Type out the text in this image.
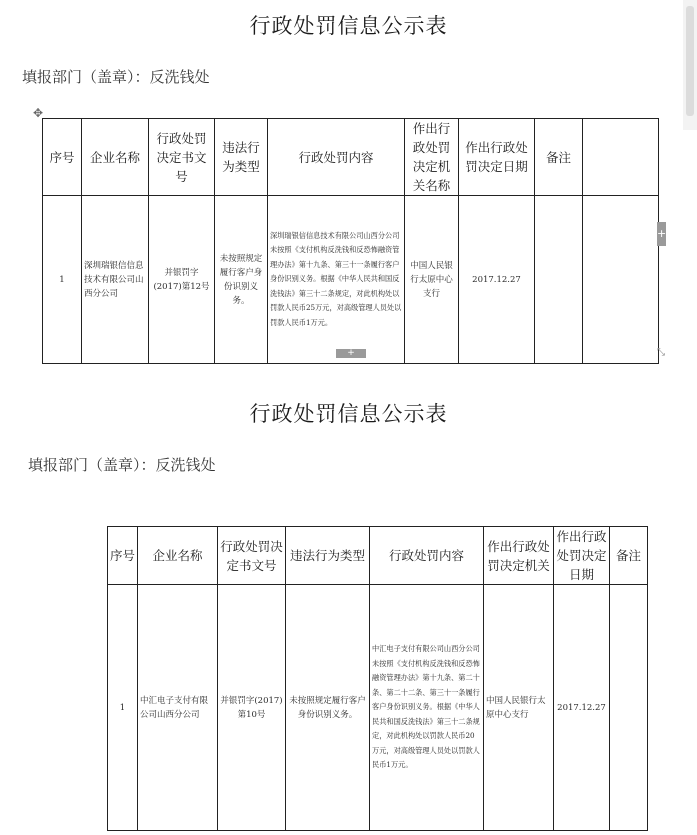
行政处罚信息公示表
填报部门（盖章）：反洗钱处
✥
序号	企业名称	行政处罚决定书文号	违法行为类型	行政处罚内容	作出行政处罚决定机关名称	作出行政处罚决定日期	备注	
1	深圳瑞银信信息技术有限公司山西分公司	并银罚字(2017)第12号	未按照规定履行客户身份识别义务。	深圳瑞银信信息技术有限公司山西分公司未按照《支付机构反洗钱和反恐怖融资管理办法》第十九条、第三十一条履行客户身份识别义务。根据《中华人民共和国反洗钱法》第三十二条规定，对此机构处以罚款人民币25万元，对高级管理人员处以罚款人民币1万元。	中国人民银行太原中心支行	2017.12.27		
+
+	⤡
行政处罚信息公示表
填报部门（盖章）：反洗钱处
序号	企业名称	行政处罚决定书文号	违法行为类型	行政处罚内容	作出行政处罚决定机关	作出行政处罚决定日期	备注
1	中汇电子支付有限公司山西分公司	并银罚字(2017)第10号	未按照规定履行客户身份识别义务。	中汇电子支付有限公司山西分公司未按照《支付机构反洗钱和反恐怖融资管理办法》第十九条、第二十条、第二十二条、第三十一条履行客户身份识别义务。根据《中华人民共和国反洗钱法》第三十二条规定，对此机构处以罚款人民币20万元，对高级管理人员处以罚款人民币1万元。	中国人民银行太原中心支行	2017.12.27	
